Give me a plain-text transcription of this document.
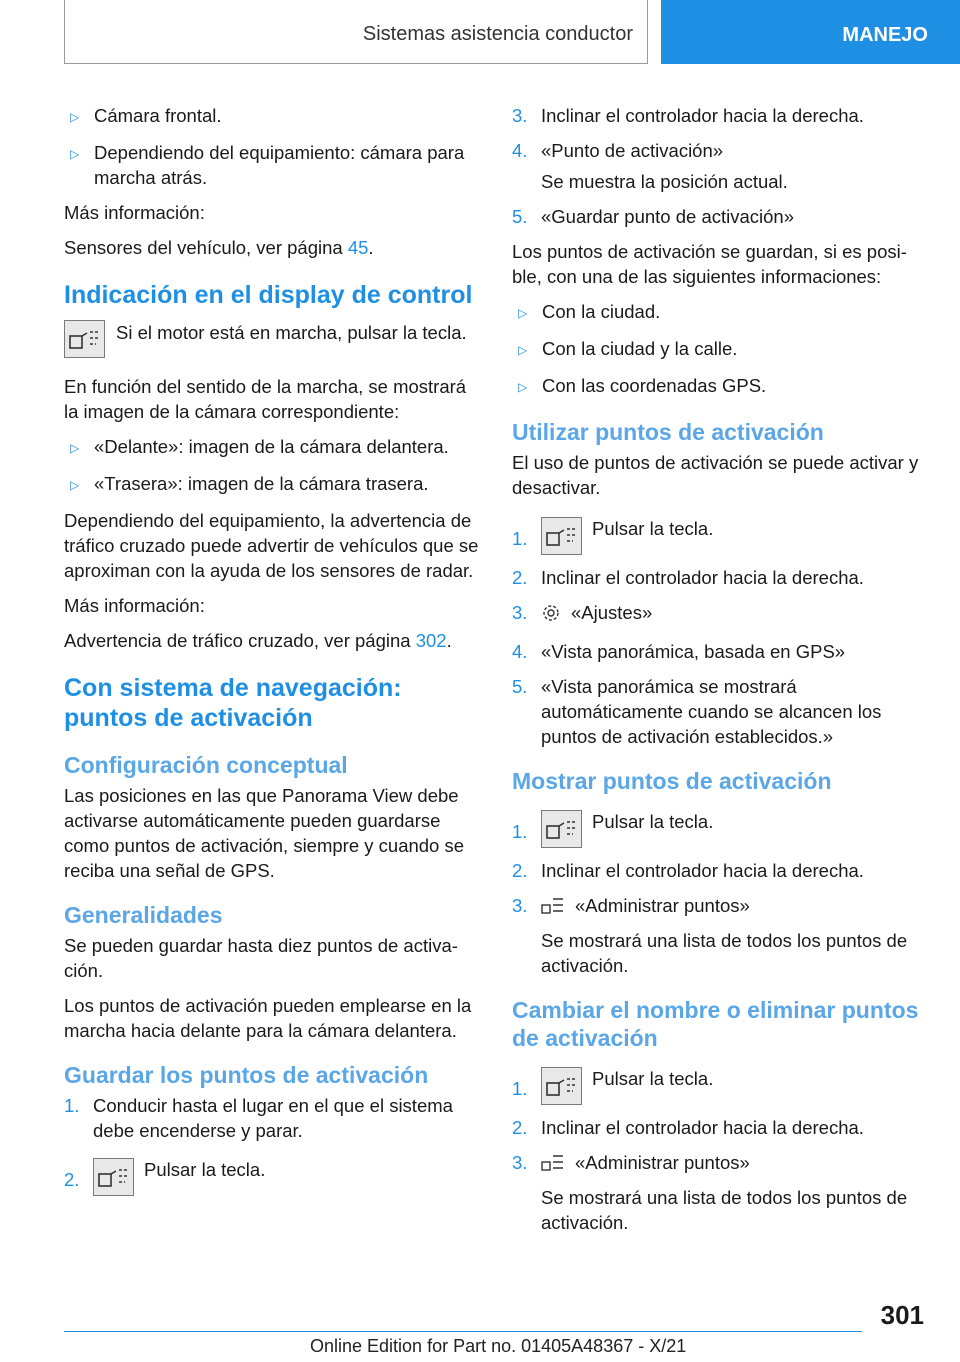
Sistemas asistencia conductor	MANEJO
▷ Cámara frontal.
▷ Dependiendo del equipamiento: cámara para marcha atrás.

Más información:

Sensores del vehículo, ver página 45.

Indicación en el display de control
Si el motor está en marcha, pulsar la tecla.

En función del sentido de la marcha, se mostrará la imagen de la cámara correspondiente:

▷ «Delante»: imagen de la cámara delantera.
▷ «Trasera»: imagen de la cámara trasera.

Dependiendo del equipamiento, la advertencia de tráfico cruzado puede advertir de vehículos que se aproximan con la ayuda de los sensores de radar.

Más información:

Advertencia de tráfico cruzado, ver página 302.

Con sistema de navegación: puntos de activación
Configuración conceptual

Las posiciones en las que Panorama View debe activarse automáticamente pueden guardarse como puntos de activación, siempre y cuando se reciba una señal de GPS.

Generalidades

Se pueden guardar hasta diez puntos de activa‐ción.

Los puntos de activación pueden emplearse en la marcha hacia delante para la cámara delantera.

Guardar los puntos de activación
1. Conducir hasta el lugar en el que el sistema debe encenderse y parar.
2.	Pulsar la tecla.
3. Inclinar el controlador hacia la derecha.
4. «Punto de activación»
Se muestra la posición actual.
5. «Guardar punto de activación»

Los puntos de activación se guardan, si es posi‐ble, con una de las siguientes informaciones:

▷ Con la ciudad.
▷ Con la ciudad y la calle.
▷ Con las coordenadas GPS.
Utilizar puntos de activación

El uso de puntos de activación se puede activar y desactivar.

1.	Pulsar la tecla.
2. Inclinar el controlador hacia la derecha.
3.	«Ajustes»
4. «Vista panorámica, basada en GPS»
5. «Vista panorámica se mostrará automáticamente cuando se alcancen los puntos de activación establecidos.»
Mostrar puntos de activación
1.	Pulsar la tecla.
2. Inclinar el controlador hacia la derecha.
3.	«Administrar puntos»
Se mostrará una lista de todos los puntos de activación.
Cambiar el nombre o eliminar puntos de activación
1.	Pulsar la tecla.
2. Inclinar el controlador hacia la derecha.
3.	«Administrar puntos»
Se mostrará una lista de todos los puntos de activación.
301
Online Edition for Part no. 01405A48367 - X/21
